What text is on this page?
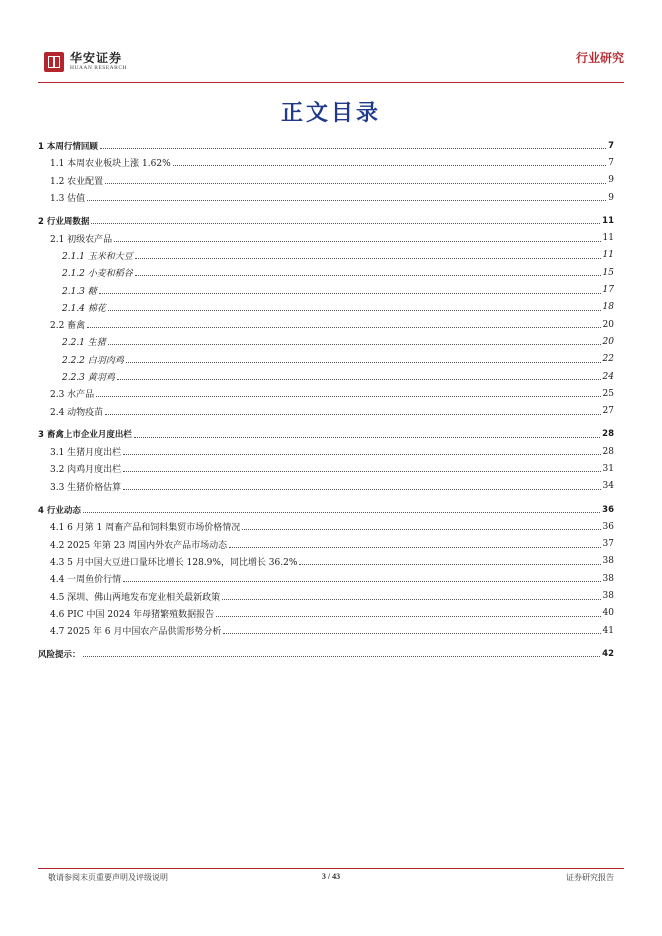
华安证券
HUAAN RESEARCH
行业研究
正文目录
1 本周行情回顾	7
1.1 本周农业板块上涨 1.62%	7
1.2 农业配置	9
1.3 估值	9
2 行业周数据	11
2.1 初级农产品	11
2.1.1 玉米和大豆	11
2.1.2 小麦和稻谷	15
2.1.3 糖	17
2.1.4 棉花	18
2.2 畜禽	20
2.2.1 生猪	20
2.2.2 白羽肉鸡	22
2.2.3 黄羽鸡	24
2.3 水产品	25
2.4 动物疫苗	27
3 畜禽上市企业月度出栏	28
3.1 生猪月度出栏	28
3.2 肉鸡月度出栏	31
3.3 生猪价格估算	34
4 行业动态	36
4.1 6 月第 1 周畜产品和饲料集贸市场价格情况	36
4.2 2025 年第 23 周国内外农产品市场动态	37
4.3 5 月中国大豆进口量环比增长 128.9%，同比增长 36.2%	38
4.4 一周鱼价行情	38
4.5 深圳、佛山两地发布宠业相关最新政策	38
4.6 PIC 中国 2024 年母猪繁殖数据报告	40
4.7 2025 年 6 月中国农产品供需形势分析	41
风险提示：	42
敬请参阅末页重要声明及评级说明	3 / 43	证券研究报告
